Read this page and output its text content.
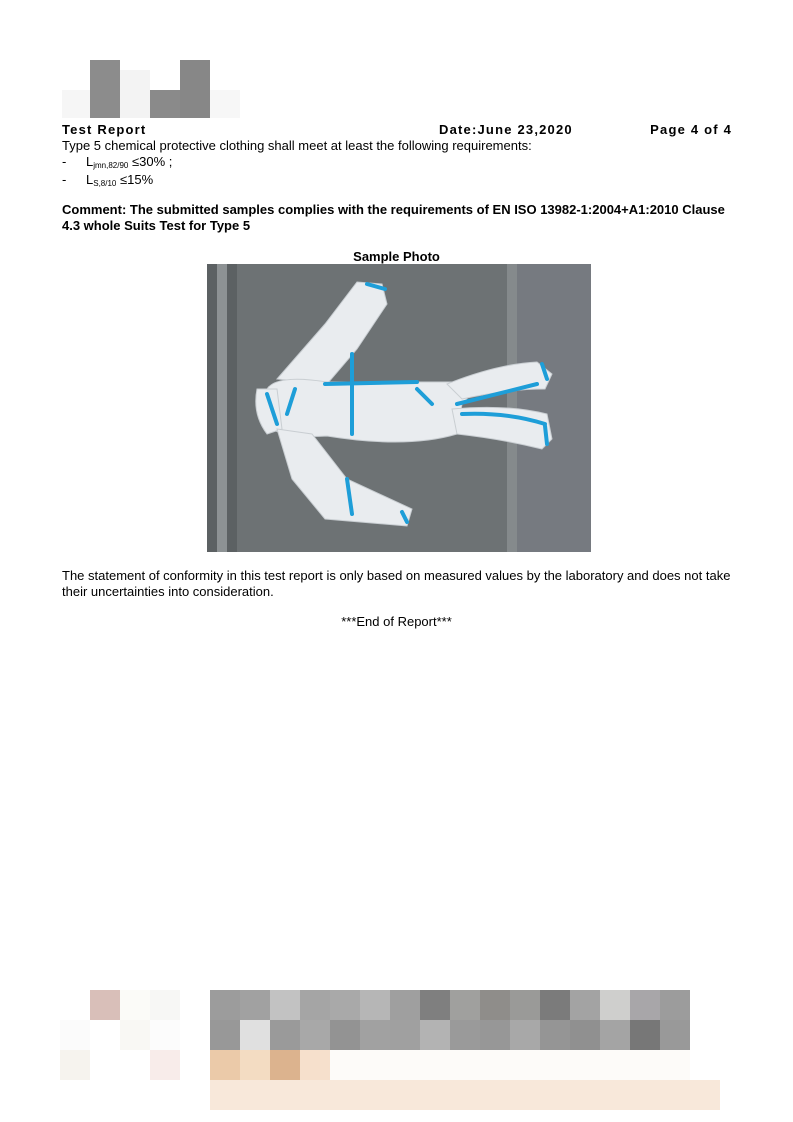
Test Report	Date:June 23,2020	Page 4 of 4
Type 5 chemical protective clothing shall meet at least the following requirements:
- $L_{jmn,82/90} \le 30\%$ ;
- $L_{S,8/10} \le 15\%$
Comment: The submitted samples complies with the requirements of EN ISO 13982-1:2004+A1:2010 Clause 4.3 whole Suits Test for Type 5
Sample Photo
The statement of conformity in this test report is only based on measured values by the laboratory and does not take their uncertainties into consideration.
***End of Report***
